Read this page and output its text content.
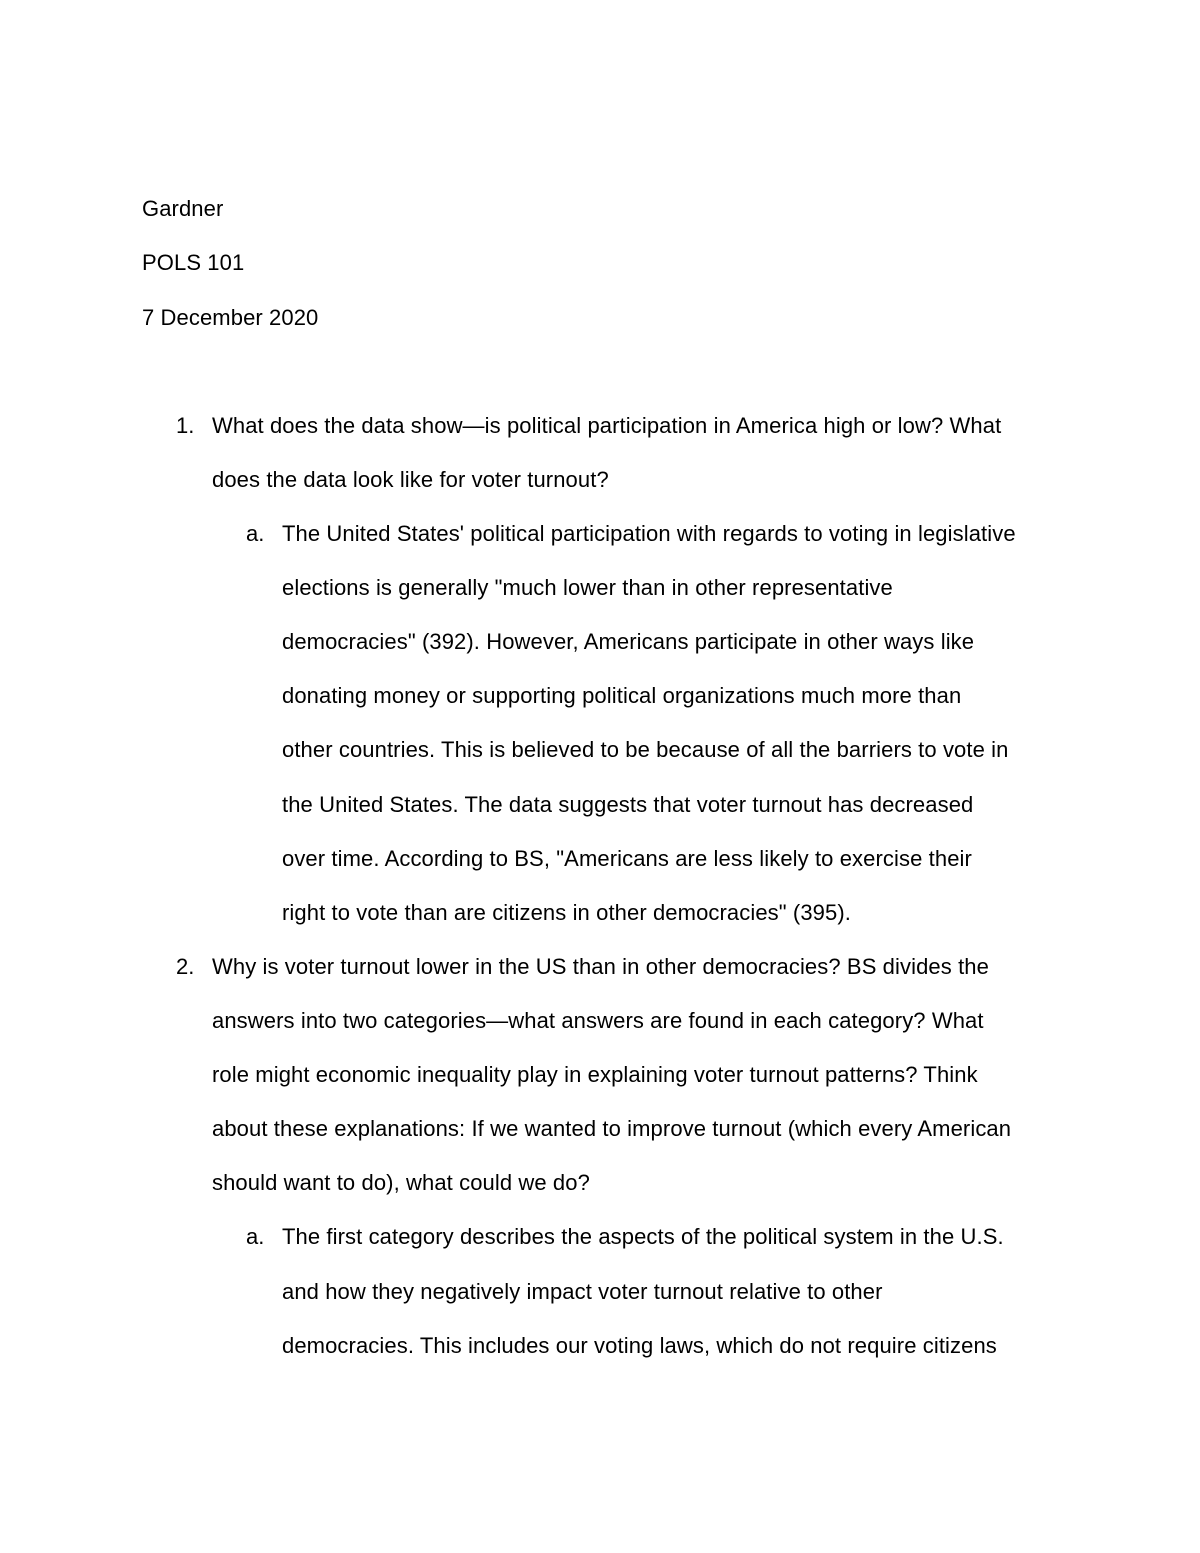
Gardner
POLS 101
7 December 2020
1. What does the data show—is political participation in America high or low? What
does the data look like for voter turnout?
a. The United States' political participation with regards to voting in legislative
elections is generally "much lower than in other representative
democracies" (392). However, Americans participate in other ways like
donating money or supporting political organizations much more than
other countries. This is believed to be because of all the barriers to vote in
the United States. The data suggests that voter turnout has decreased
over time. According to BS, "Americans are less likely to exercise their
right to vote than are citizens in other democracies" (395).
2. Why is voter turnout lower in the US than in other democracies? BS divides the
answers into two categories—what answers are found in each category? What
role might economic inequality play in explaining voter turnout patterns? Think
about these explanations: If we wanted to improve turnout (which every American
should want to do), what could we do?
a. The first category describes the aspects of the political system in the U.S.
and how they negatively impact voter turnout relative to other
democracies. This includes our voting laws, which do not require citizens
